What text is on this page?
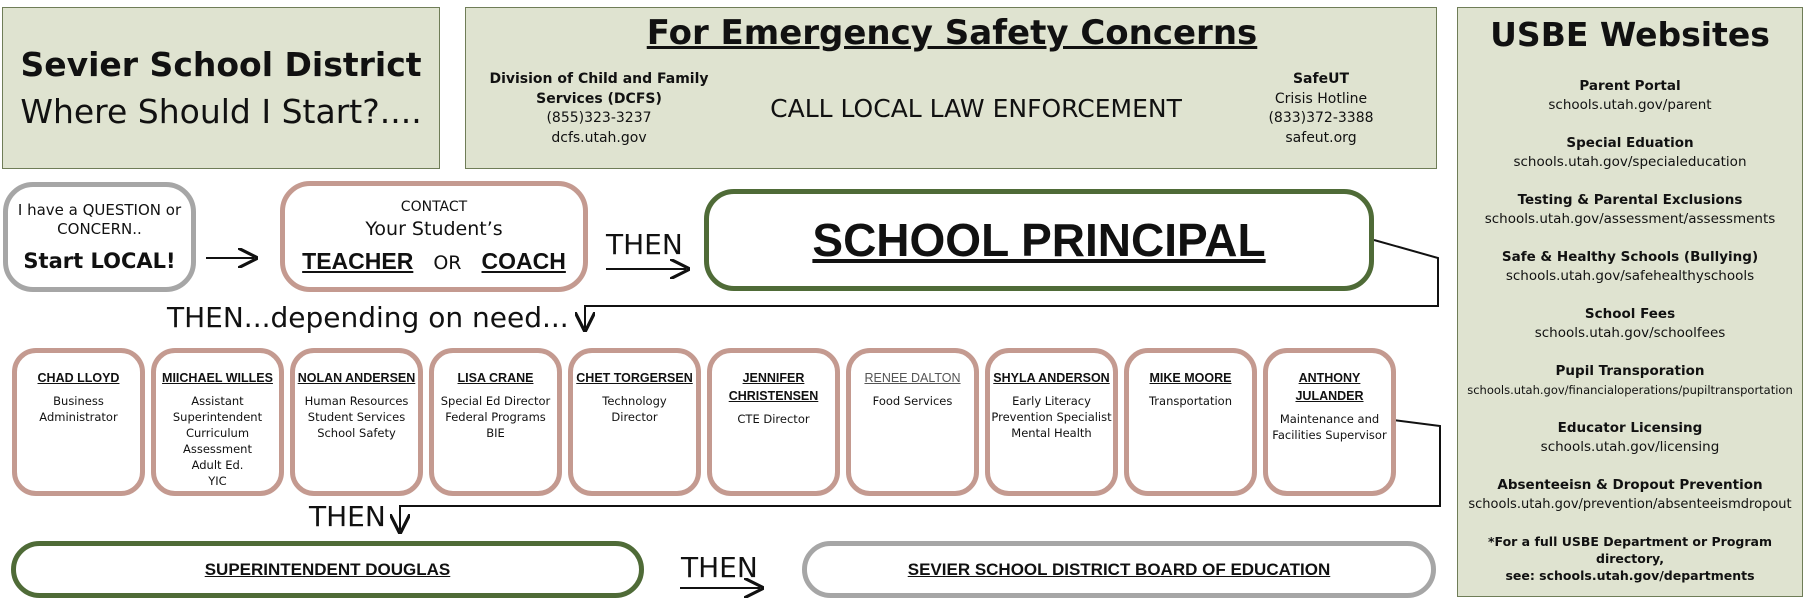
Sevier School District
Where Should I Start?....
For Emergency Safety Concerns
Division of Child and Family
Services (DCFS)
(855)323-3237
dcfs.utah.gov
CALL LOCAL LAW ENFORCEMENT
SafeUT
Crisis Hotline
(833)372-3388
safeut.org
USBE Websites
Parent Portal
schools.utah.gov/parent
Special Eduation
schools.utah.gov/specialeducation
Testing & Parental Exclusions
schools.utah.gov/assessment/assessments
Safe & Healthy Schools (Bullying)
schools.utah.gov/safehealthyschools
School Fees
schools.utah.gov/schoolfees
Pupil Transporation
schools.utah.gov/financialoperations/pupiltransportation
Educator Licensing
schools.utah.gov/licensing
Absenteeisn & Dropout Prevention
schools.utah.gov/prevention/absenteeismdropout
*For a full USBE Department or Program directory,
see: schools.utah.gov/departments
I have a QUESTION or
CONCERN..
Start LOCAL!
CONTACT
Your Student’s
TEACHER OR COACH THEN	SCHOOL PRINCIPAL
THEN...depending on need...
CHAD LLOYD
Business
Administrator
MIICHAEL WILLES
Assistant
Superintendent
Curriculum
Assessment
Adult Ed.
YIC
NOLAN ANDERSEN
Human Resources
Student Services
School Safety
LISA CRANE
Special Ed Director
Federal Programs
BIE
CHET TORGERSEN
Technology
Director
JENNIFER
CHRISTENSEN
CTE Director
RENEE DALTON
Food Services
SHYLA ANDERSON
Early Literacy
Prevention Specialist
Mental Health
MIKE MOORE
Transportation
ANTHONY
JULANDER
Maintenance and
Facilities Supervisor
THEN
SUPERINTENDENT DOUGLAS	THEN	SEVIER SCHOOL DISTRICT BOARD OF EDUCATION
